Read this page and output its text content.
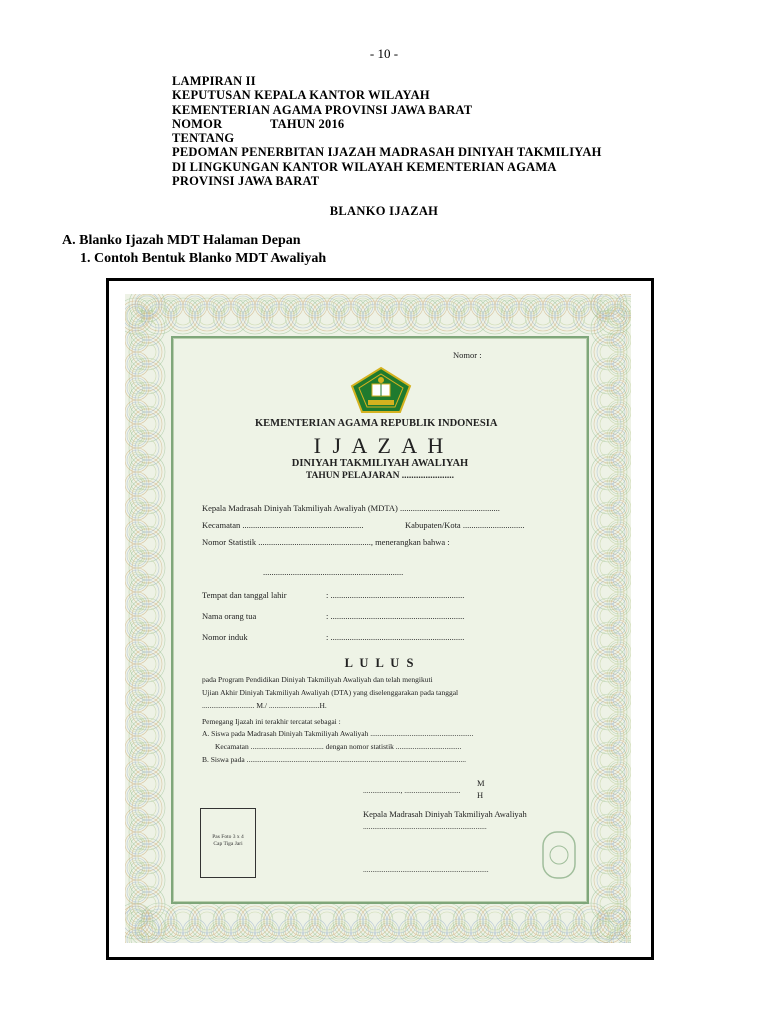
- 10 -
LAMPIRAN II
KEPUTUSAN KEPALA KANTOR WILAYAH
KEMENTERIAN AGAMA PROVINSI JAWA BARAT
NOMOR	TAHUN 2016
TENTANG
PEDOMAN PENERBITAN IJAZAH MADRASAH DINIYAH TAKMILIYAH
DI LINGKUNGAN KANTOR WILAYAH KEMENTERIAN AGAMA
PROVINSI JAWA BARAT
BLANKO IJAZAH
A. Blanko Ijazah MDT Halaman Depan
1. Contoh Bentuk Blanko MDT Awaliyah
Nomor :
KEMENTERIAN AGAMA REPUBLIK INDONESIA
I J A Z A H
DINIYAH TAKMILIYAH AWALIYAH
TAHUN PELAJARAN ......................
Kepala Madrasah Diniyah Takmiliyah Awaliyah (MDTA) ...............................................
Kecamatan .........................................................	Kabupaten/Kota .............................
Nomor Statistik ....................................................., menerangkan bahwa :
..................................................................
Tempat dan tanggal lahir	: ...............................................................
Nama orang tua	: ...............................................................
Nomor induk	: ...............................................................
L U L U S
pada Program Pendidikan Diniyah Takmiliyah Awaliyah dan telah mengikuti
Ujian Akhir Diniyah Takmiliyah Awaliyah (DTA) yang diselenggarakan pada tanggal
............................ M./ ...........................H.
Pemegang Ijazah ini terakhir tercatat sebagai :
A. Siswa pada Madrasah Diniyah Takmiliyah Awaliyah .......................................................
Kecamatan ....................................... dengan nomor statistik ...................................
B. Siswa pada .....................................................................................................................
...................., ..............................
M
H
Kepala Madrasah Diniyah Takmiliyah Awaliyah
..................................................................
Pas Foto 3 x 4
Cap Tiga Jari
...................................................................
